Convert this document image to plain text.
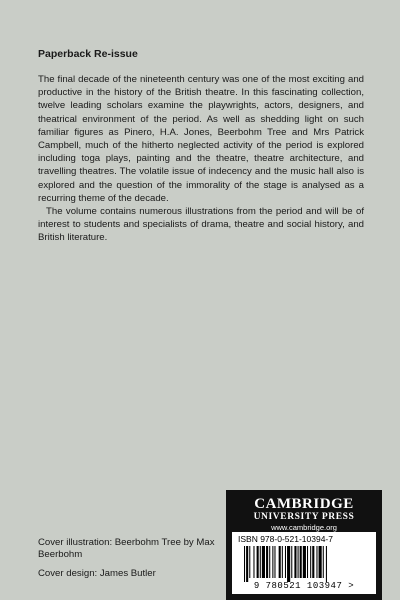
Paperback Re-issue

The final decade of the nineteenth century was one of the most exciting and productive in the history of the British theatre. In this fascinating collection, twelve leading scholars examine the playwrights, actors, designers, and theatrical environment of the period. As well as shedding light on such familiar figures as Pinero, H.A. Jones, Beerbohm Tree and Mrs Patrick Campbell, much of the hitherto neglected activity of the period is explored including toga plays, painting and the theatre, theatre architecture, and travelling theatres. The volatile issue of indecency and the music hall also is explored and the question of the immorality of the stage is analysed as a recurring theme of the decade.

The volume contains numerous illustrations from the period and will be of interest to students and specialists of drama, theatre and social history, and British literature.

Cover illustration: Beerbohm Tree by Max Beerbohm

Cover design: James Butler

CAMBRIDGE
UNIVERSITY PRESS
www.cambridge.org
ISBN 978-0-521-10394-7
9 780521 103947 >
